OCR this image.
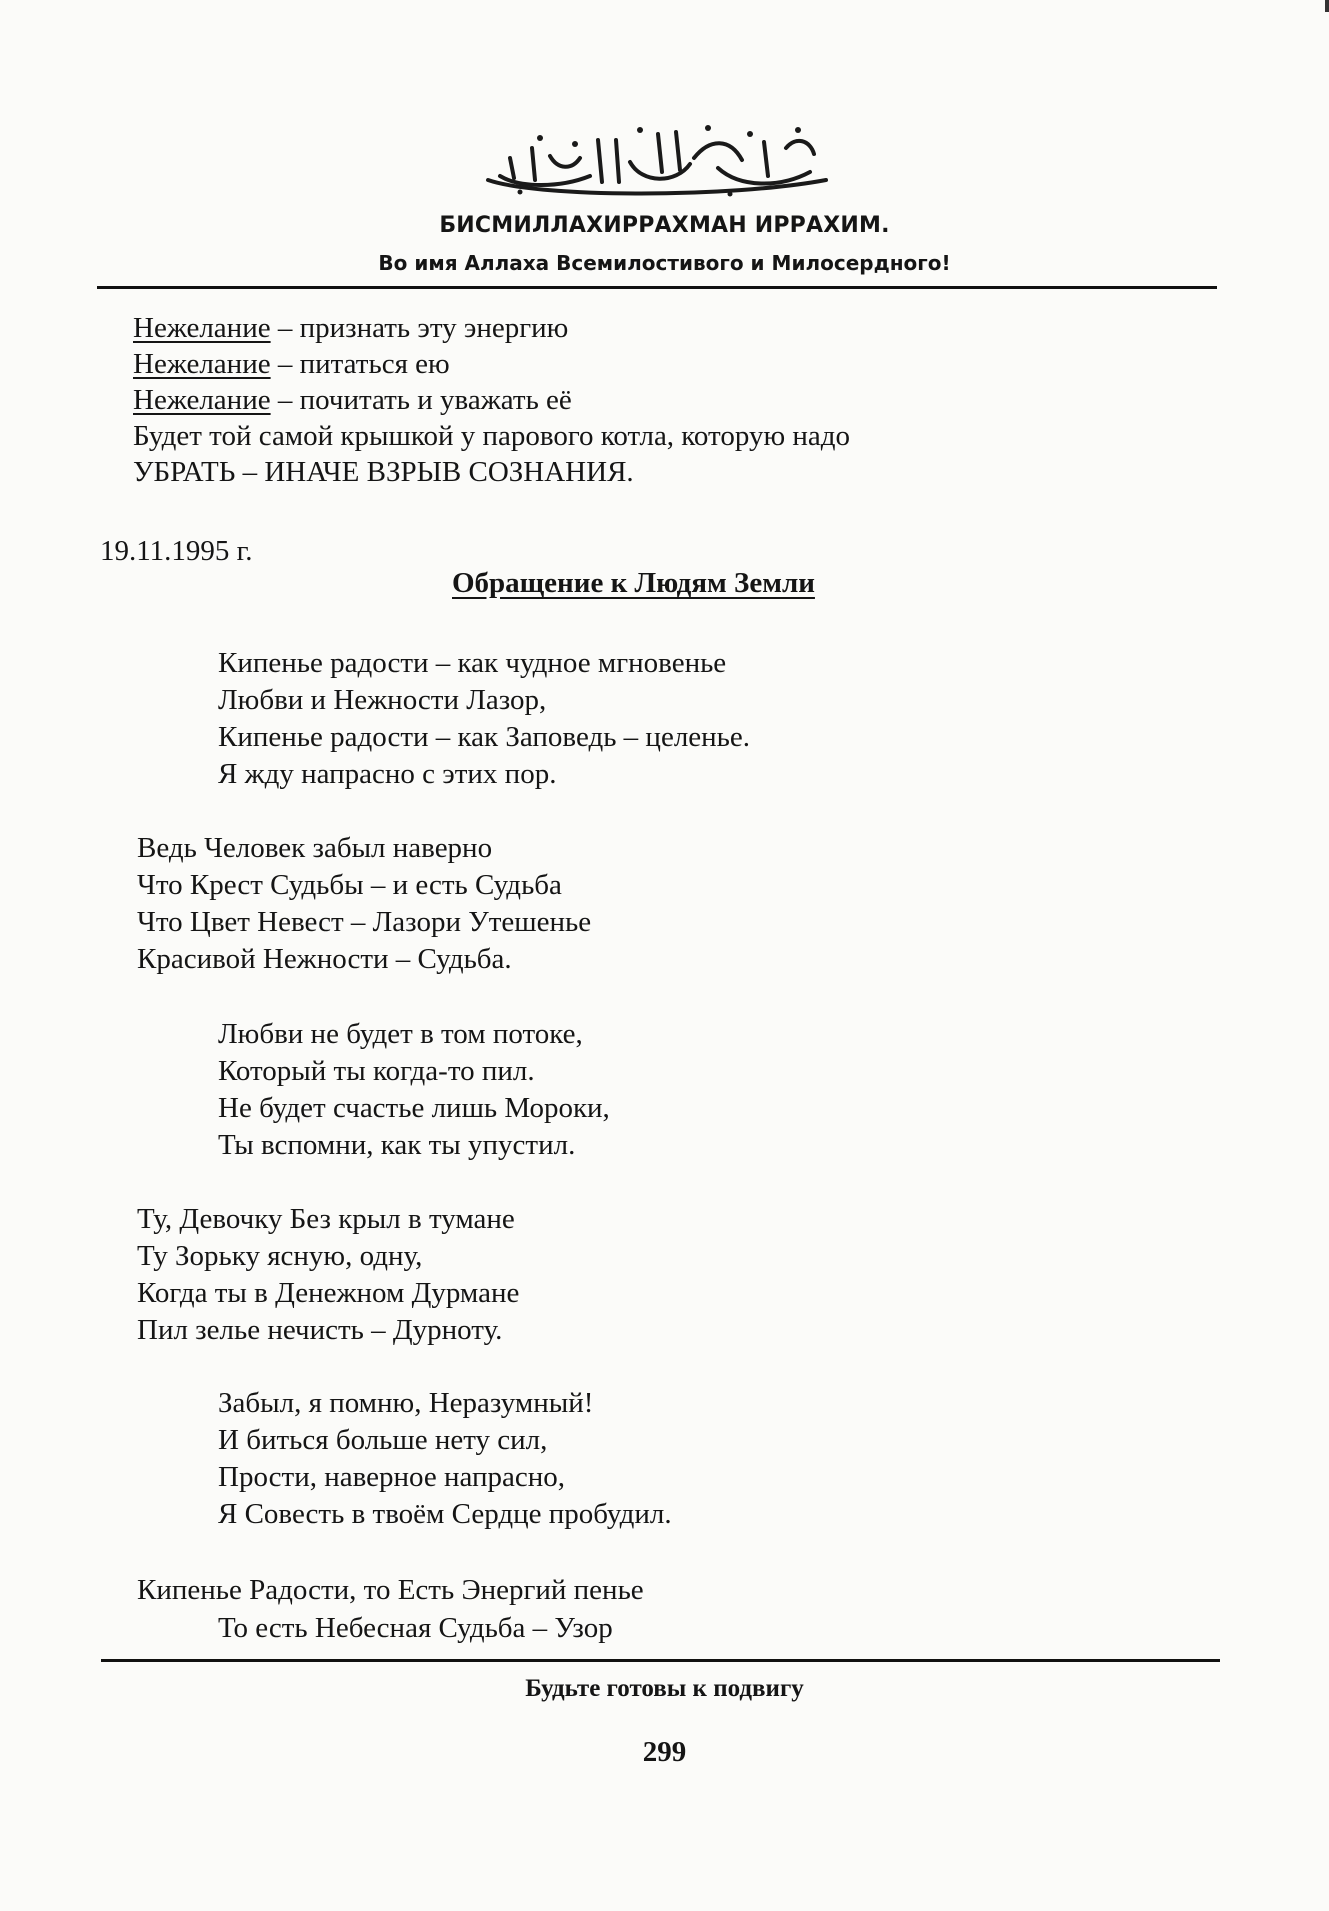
БИСМИЛЛАХИРРАХМАН ИРРАХИМ.
Во имя Аллаха Всемилостивого и Милосердного!
Нежелание – признать эту энергию
Нежелание – питаться ею
Нежелание – почитать и уважать её
Будет той самой крышкой у парового котла, которую надо
УБРАТЬ – ИНАЧЕ ВЗРЫВ СОЗНАНИЯ.
19.11.1995 г.
Обращение к Людям Земли
Кипенье радости – как чудное мгновенье
Любви и Нежности Лазор,
Кипенье радости – как Заповедь – целенье.
Я жду напрасно с этих пор.
Ведь Человек забыл наверно
Что Крест Судьбы – и есть Судьба
Что Цвет Невест – Лазори Утешенье
Красивой Нежности – Судьба.
Любви не будет в том потоке,
Который ты когда-то пил.
Не будет счастье лишь Мороки,
Ты вспомни, как ты упустил.
Ту, Девочку Без крыл в тумане
Ту Зорьку ясную, одну,
Когда ты в Денежном Дурмане
Пил зелье нечисть – Дурноту.
Забыл, я помню, Неразумный!
И биться больше нету сил,
Прости, наверное напрасно,
Я Совесть в твоём Сердце пробудил.
Кипенье Радости, то Есть Энергий пенье
То есть Небесная Судьба – Узор
Будьте готовы к подвигу
299
